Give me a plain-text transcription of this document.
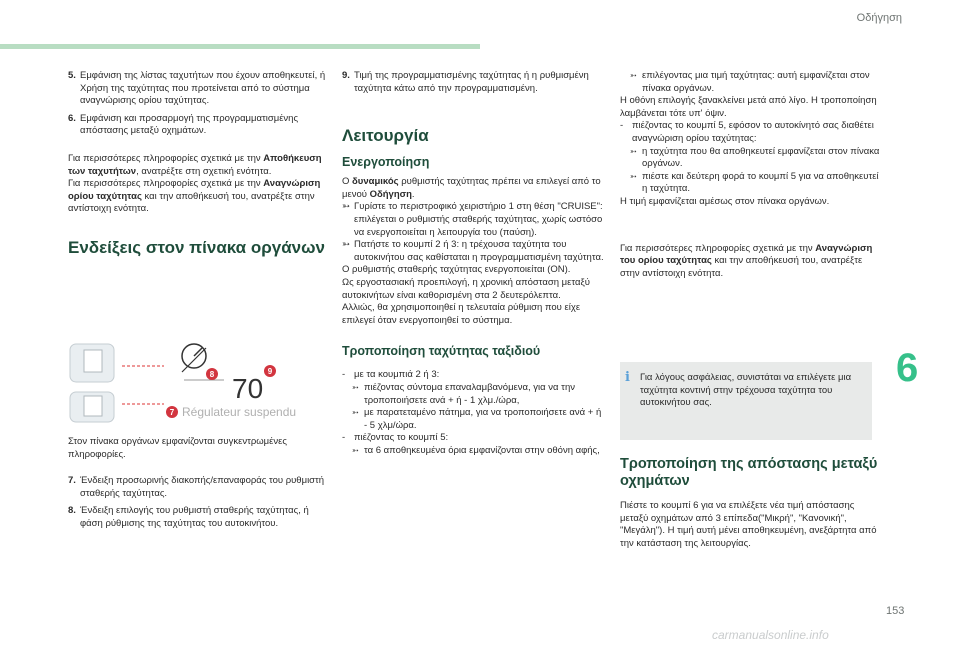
Οδήγηση
5. Εμφάνιση της λίστας ταχυτήτων που έχουν αποθηκευτεί, ή Χρήση της ταχύτητας που προτείνεται από το σύστημα αναγνώρισης ορίου ταχύτητας.
6. Εμφάνιση και προσαρμογή της προγραμματισμένης απόστασης μεταξύ οχημάτων.

Για περισσότερες πληροφορίες σχετικά με την Αποθήκευση των ταχυτήτων, ανατρέξτε στη σχετική ενότητα.

Για περισσότερες πληροφορίες σχετικά με την Αναγνώριση ορίου ταχύτητας και την αποθήκευσή του, ανατρέξτε στην αντίστοιχη ενότητα.

Ενδείξεις στον πίνακα οργάνων
8	9
70
7 Régulateur suspendu

Στον πίνακα οργάνων εμφανίζονται συγκεντρωμένες πληροφορίες.

7. Ένδειξη προσωρινής διακοπής/επαναφοράς του ρυθμιστή σταθερής ταχύτητας.
8. Ένδειξη επιλογής του ρυθμιστή σταθερής ταχύτητας, ή φάση ρύθμισης της ταχύτητας του αυτοκινήτου.
9. Τιμή της προγραμματισμένης ταχύτητας ή η ρυθμισμένη ταχύτητα κάτω από την προγραμματισμένη.
Λειτουργία
Ενεργοποίηση

Ο δυναμικός ρυθμιστής ταχύτητας πρέπει να επιλεγεί από το μενού Οδήγηση.

➳ Γυρίστε το περιστροφικό χειριστήριο 1 στη θέση "CRUISE": επιλέγεται ο ρυθμιστής σταθερής ταχύτητας, χωρίς ωστόσο να ενεργοποιείται η λειτουργία του (παύση).
➳ Πατήστε το κουμπί 2 ή 3: η τρέχουσα ταχύτητα του αυτοκινήτου σας καθίσταται η προγραμματισμένη ταχύτητα.

Ο ρυθμιστής σταθερής ταχύτητας ενεργοποιείται (ON).

Ως εργοστασιακή προεπιλογή, η χρονική απόσταση μεταξύ αυτοκινήτων είναι καθορισμένη στα 2 δευτερόλεπτα.

Αλλιώς, θα χρησιμοποιηθεί η τελευταία ρύθμιση που είχε επιλεγεί όταν ενεργοποιηθεί το σύστημα.

Τροποποίηση ταχύτητας ταξιδιού
- με τα κουμπιά 2 ή 3:
➳ πιέζοντας σύντομα επαναλαμβανόμενα, για να την τροποποιήσετε ανά + ή - 1 χλμ./ώρα,
➳ με παρατεταμένο πάτημα, για να τροποποιήσετε ανά + ή - 5 χλμ/ώρα.
- πιέζοντας το κουμπί 5:
➳ τα 6 αποθηκευμένα όρια εμφανίζονται στην οθόνη αφής,
➳ επιλέγοντας μια τιμή ταχύτητας: αυτή εμφανίζεται στον πίνακα οργάνων.

Η οθόνη επιλογής ξανακλείνει μετά από λίγο. Η τροποποίηση λαμβάνεται τότε υπ' όψιν.

- πιέζοντας το κουμπί 5, εφόσον το αυτοκίνητό σας διαθέτει αναγνώριση ορίου ταχύτητας:
➳ η ταχύτητα που θα αποθηκευτεί εμφανίζεται στον πίνακα οργάνων.
➳ πιέστε και δεύτερη φορά το κουμπί 5 για να αποθηκευτεί η ταχύτητα.

Η τιμή εμφανίζεται αμέσως στον πίνακα οργάνων.

Για περισσότερες πληροφορίες σχετικά με την Αναγνώριση του ορίου ταχύτητας και την αποθήκευσή του, ανατρέξτε στην αντίστοιχη ενότητα.

i Για λόγους ασφάλειας, συνιστάται να επιλέγετε μια ταχύτητα κοντινή στην τρέχουσα ταχύτητα του αυτοκινήτου σας.
Τροποποίηση της απόστασης μεταξύ οχημάτων

Πιέστε το κουμπί 6 για να επιλέξετε νέα τιμή απόστασης μεταξύ οχημάτων από 3 επίπεδα("Μικρή", "Κανονική", "Μεγάλη"). Η τιμή αυτή μένει αποθηκευμένη, ανεξάρτητα από την κατάσταση της λειτουργίας.

6
153
carmanualsonline.info
